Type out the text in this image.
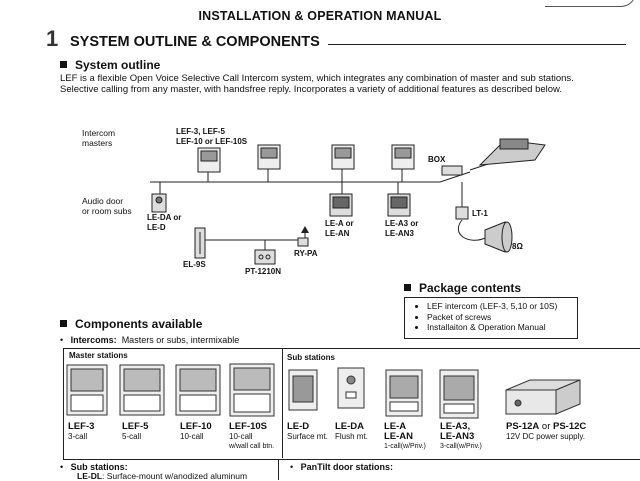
INSTALLATION & OPERATION MANUAL
1 SYSTEM OUTLINE & COMPONENTS
System outline
LEF is a flexible Open Voice Selective Call Intercom system, which integrates any combination of master and sub stations. Selective calling from any master, with handsfree reply. Incorporates a variety of additional features as described below.
Intercom
masters
LEF-3, LEF-5
LEF-10 or LEF-10S
BOX
Audio door
or room subs
LE-DA or
LE-D	LE-A or
LE-AN
LE-A3 or
LE-AN3
LT-1
8Ω
RY-PA
EL-9S
PT-1210N
Package contents
• LEF intercom (LEF-3, 5,10 or 10S)
• Packet of screws
• Installaiton & Operation Manual
Components available
•   Intercoms: Masters or subs, intermixable
Master stations	Sub stations
LEF-3
3-call
LEF-5
5-call
LEF-10
10-call
LEF-10S
10-call
w/wall call btn.
LE-D
Surface mt.
LE-DA
Flush mt.
LE-A
LE-AN
1-call(w/Priv.)
LE-A3,
LE-AN3
3-call(w/Priv.)
PS-12A or PS-12C
12V DC power supply.
•   Sub stations:
LE-DL: Surface-mount w/anodized aluminum
•   PanTilt door stations:
